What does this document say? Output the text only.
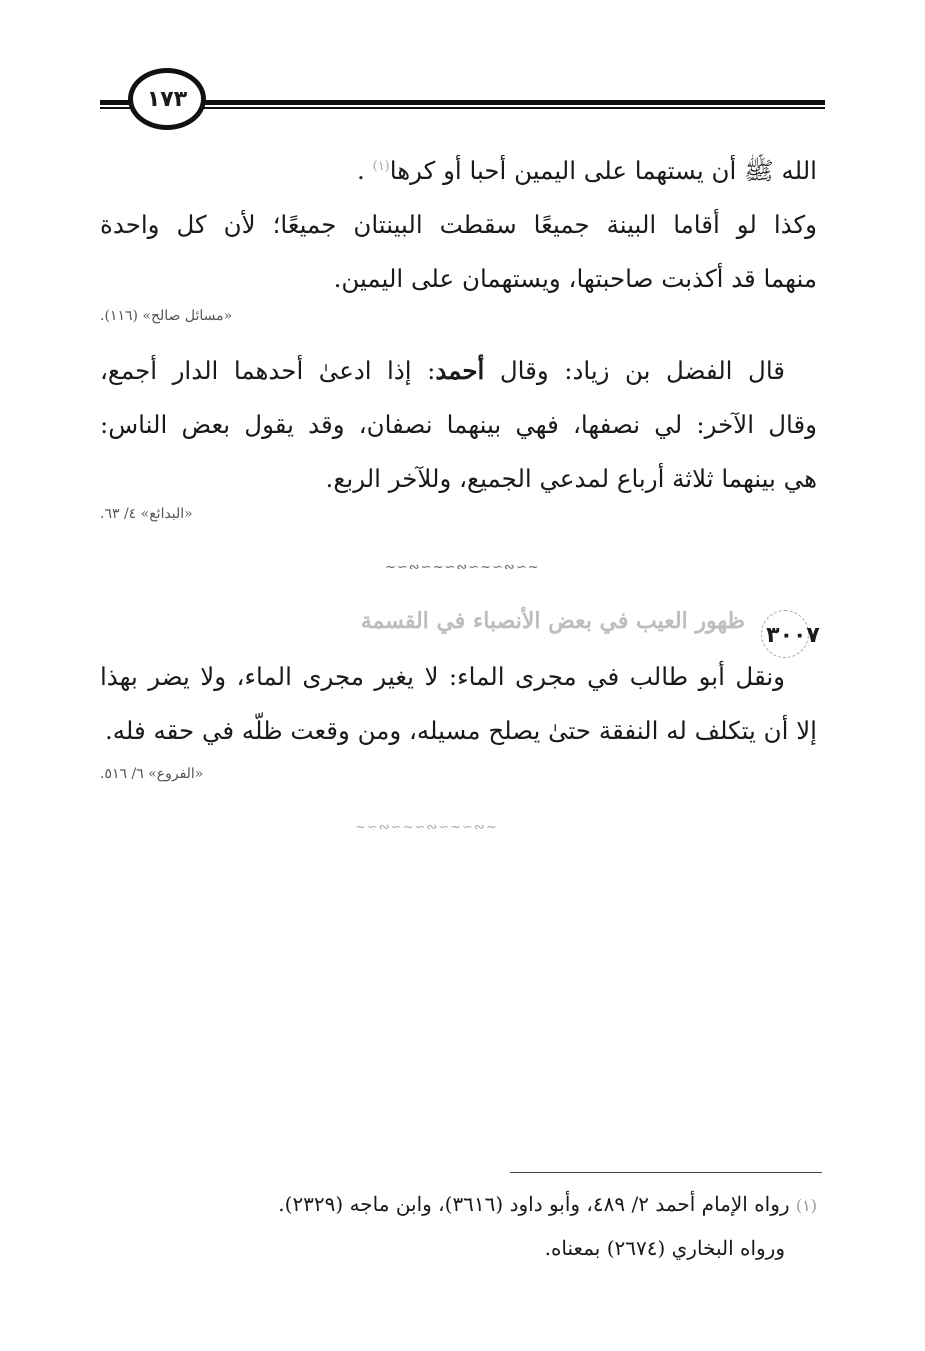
١٧٣
الله ﷺ أن يستهما على اليمين أحبا أو كرها$^{(١)}$ .
وكذا لو أقاما البينة جميعًا سقطت البينتان جميعًا؛ لأن كل واحدة
منهما قد أكذبت صاحبتها، ويستهمان على اليمين.
«مسائل صالح» (١١٦).
قال الفضل بن زياد: وقال أحمد: إذا ادعىٰ أحدهما الدار أجمع،
وقال الآخر: لي نصفها، فهي بينهما نصفان، وقد يقول بعض الناس:
هي بينهما ثلاثة أرباع لمدعي الجميع، وللآخر الربع.
«البدائع» ٤/ ٦٣.
~∽∾∽~∽∾∽~∽∾∽~
٣٠٠٧
ظهور العيب في بعض الأنصباء في القسمة
ونقل أبو طالب في مجرى الماء: لا يغير مجرى الماء، ولا يضر بهذا
إلا أن يتكلف له النفقة حتىٰ يصلح مسيله، ومن وقعت ظلّه في حقه فله.
«الفروع» ٦/ ٥١٦.
~∽∾∽~∽∾∽~∽∾~
(١) رواه الإمام أحمد ٢/ ٤٨٩، وأبو داود (٣٦١٦)، وابن ماجه (٢٣٢٩).
ورواه البخاري (٢٦٧٤) بمعناه.
